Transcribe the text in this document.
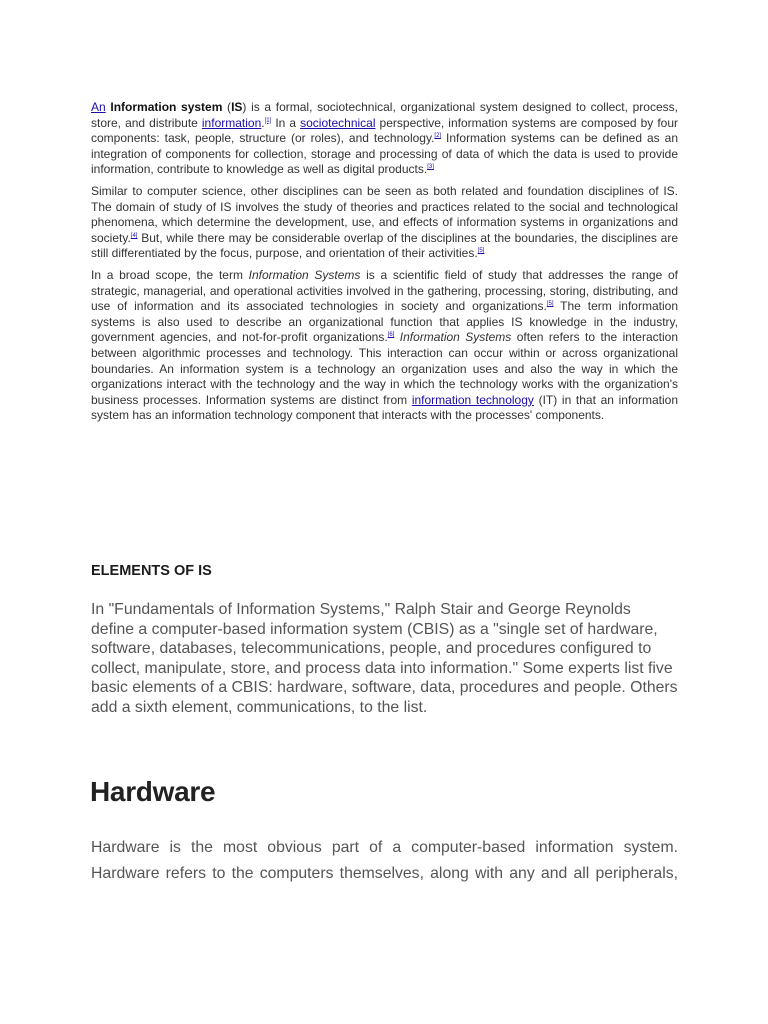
An Information system (IS) is a formal, sociotechnical, organizational system designed to collect, process, store, and distribute information.[1] In a sociotechnical perspective, information systems are composed by four components: task, people, structure (or roles), and technology.[2] Information systems can be defined as an integration of components for collection, storage and processing of data of which the data is used to provide information, contribute to knowledge as well as digital products.[3]

Similar to computer science, other disciplines can be seen as both related and foundation disciplines of IS. The domain of study of IS involves the study of theories and practices related to the social and technological phenomena, which determine the development, use, and effects of information systems in organizations and society.[4] But, while there may be considerable overlap of the disciplines at the boundaries, the disciplines are still differentiated by the focus, purpose, and orientation of their activities.[5]

In a broad scope, the term Information Systems is a scientific field of study that addresses the range of strategic, managerial, and operational activities involved in the gathering, processing, storing, distributing, and use of information and its associated technologies in society and organizations.[5] The term information systems is also used to describe an organizational function that applies IS knowledge in the industry, government agencies, and not-for-profit organizations.[6] Information Systems often refers to the interaction between algorithmic processes and technology. This interaction can occur within or across organizational boundaries. An information system is a technology an organization uses and also the way in which the organizations interact with the technology and the way in which the technology works with the organization's business processes. Information systems are distinct from information technology (IT) in that an information system has an information technology component that interacts with the processes' components.

ELEMENTS OF IS

In "Fundamentals of Information Systems," Ralph Stair and George Reynolds define a computer-based information system (CBIS) as a "single set of hardware, software, databases, telecommunications, people, and procedures configured to collect, manipulate, store, and process data into information." Some experts list five basic elements of a CBIS: hardware, software, data, procedures and people. Others add a sixth element, communications, to the list.

Hardware

Hardware is the most obvious part of a computer-based information system. Hardware refers to the computers themselves, along with any and all peripherals,
